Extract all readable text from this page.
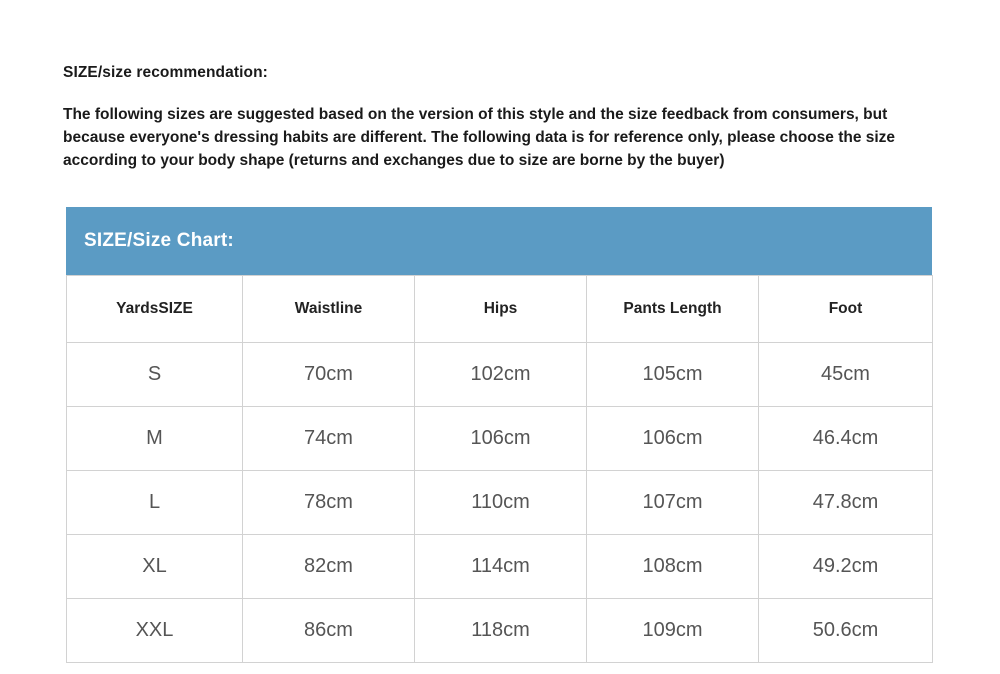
SIZE/size recommendation:

The following sizes are suggested based on the version of this style and the size feedback from consumers, but because everyone's dressing habits are different. The following data is for reference only, please choose the size according to your body shape (returns and exchanges due to size are borne by the buyer)

SIZE/Size Chart:
YardsSIZE	Waistline	Hips	Pants Length	Foot
S	70cm	102cm	105cm	45cm
M	74cm	106cm	106cm	46.4cm
L	78cm	110cm	107cm	47.8cm
XL	82cm	114cm	108cm	49.2cm
XXL	86cm	118cm	109cm	50.6cm
